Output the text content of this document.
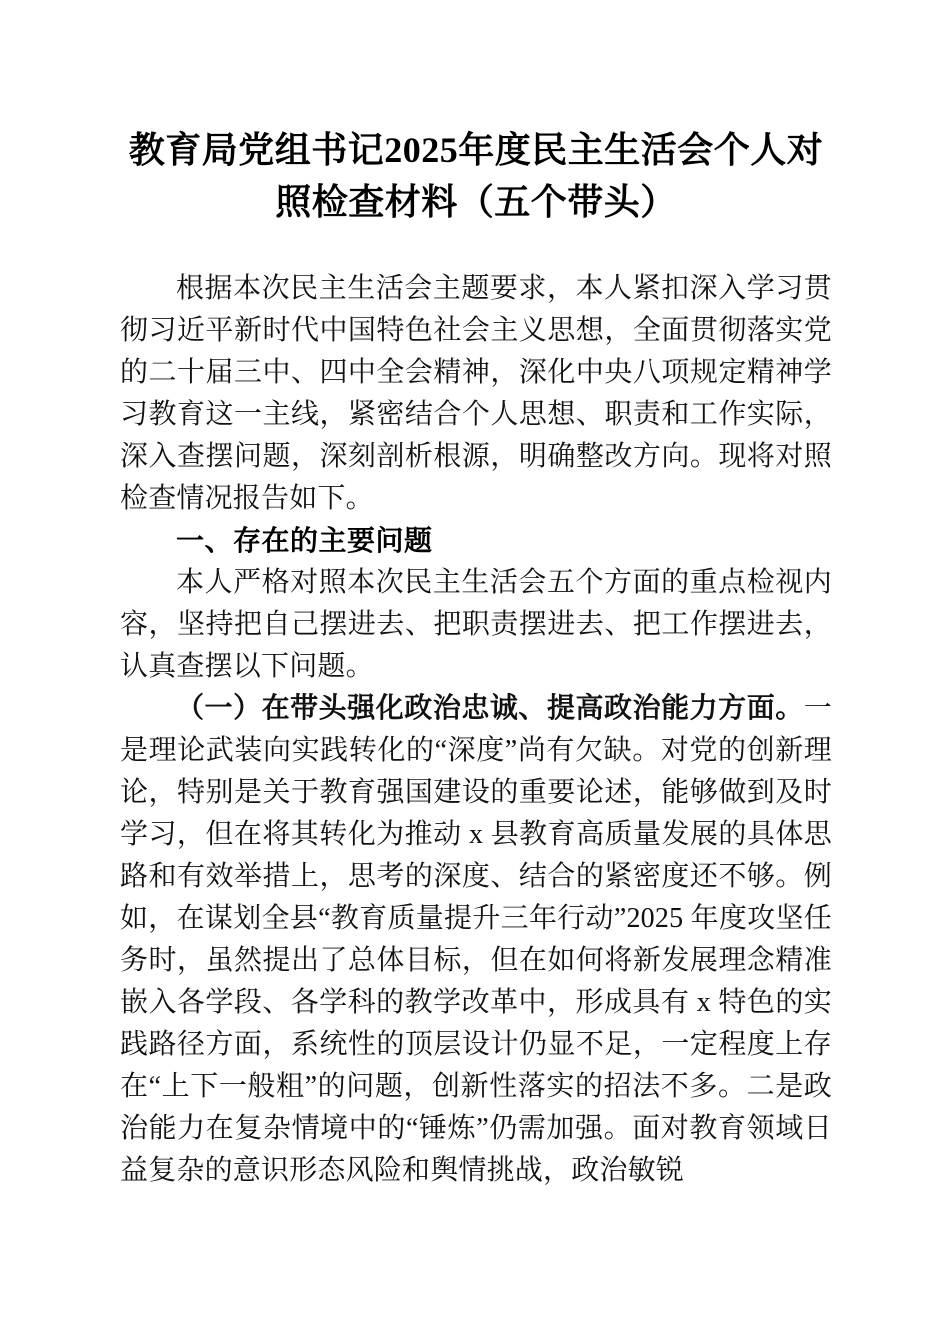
教育局党组书记2025年度民主生活会个人对照检查材料（五个带头）

根据本次民主生活会主题要求，本人紧扣深入学习贯彻习近平新时代中国特色社会主义思想，全面贯彻落实党的二十届三中、四中全会精神，深化中央八项规定精神学习教育这一主线，紧密结合个人思想、职责和工作实际，深入查摆问题，深刻剖析根源，明确整改方向。现将对照检查情况报告如下。

一、存在的主要问题

本人严格对照本次民主生活会五个方面的重点检视内容，坚持把自己摆进去、把职责摆进去、把工作摆进去，认真查摆以下问题。

（一）在带头强化政治忠诚、提高政治能力方面。一是理论武装向实践转化的“深度”尚有欠缺。对党的创新理论，特别是关于教育强国建设的重要论述，能够做到及时学习，但在将其转化为推动 x 县教育高质量发展的具体思路和有效举措上，思考的深度、结合的紧密度还不够。例如，在谋划全县“教育质量提升三年行动”2025 年度攻坚任务时，虽然提出了总体目标，但在如何将新发展理念精准嵌入各学段、各学科的教学改革中，形成具有 x 特色的实践路径方面，系统性的顶层设计仍显不足，一定程度上存在“上下一般粗”的问题，创新性落实的招法不多。二是政治能力在复杂情境中的“锤炼”仍需加强。面对教育领域日益复杂的意识形态风险和舆情挑战，政治敏锐
